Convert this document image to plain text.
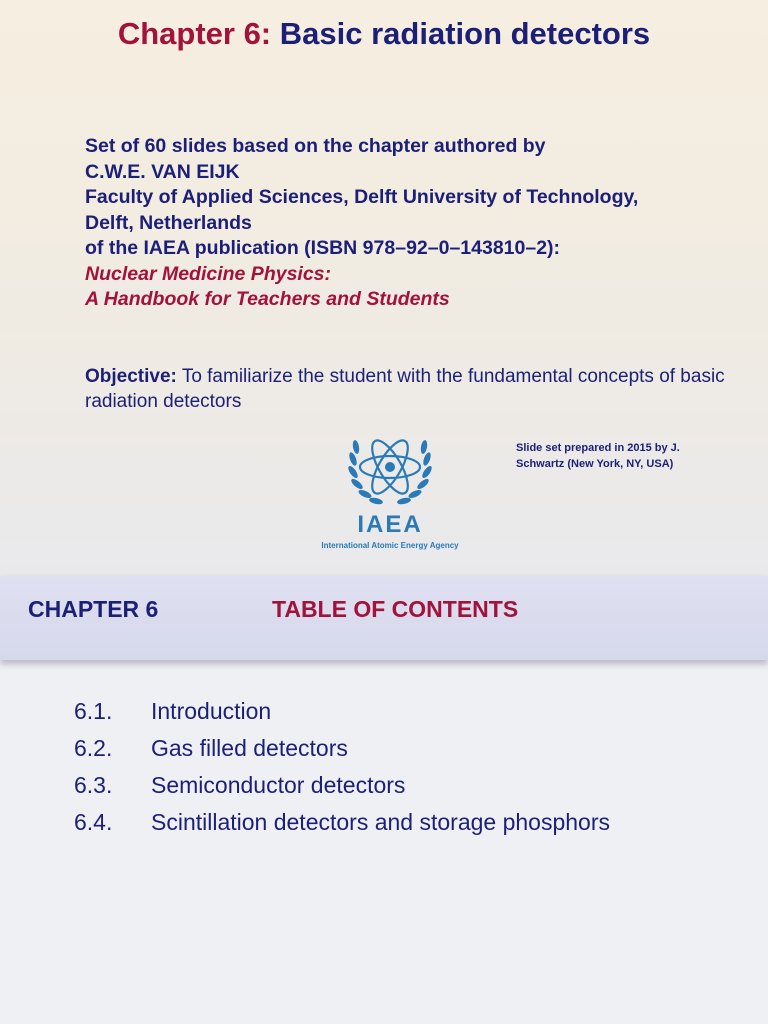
Chapter 6: Basic radiation detectors
Set of 60 slides based on the chapter authored by
C.W.E. VAN EIJK
Faculty of Applied Sciences, Delft University of Technology,
Delft, Netherlands
of the IAEA publication (ISBN 978–92–0–143810–2):
Nuclear Medicine Physics:
A Handbook for Teachers and Students
Objective: To familiarize the student with the fundamental concepts of basic radiation detectors
IAEA
International Atomic Energy Agency
Slide set prepared in 2015 by J. Schwartz (New York, NY, USA)
CHAPTER 6	TABLE OF CONTENTS
6.1.	Introduction
6.2.	Gas filled detectors
6.3.	Semiconductor detectors
6.4.	Scintillation detectors and storage phosphors
